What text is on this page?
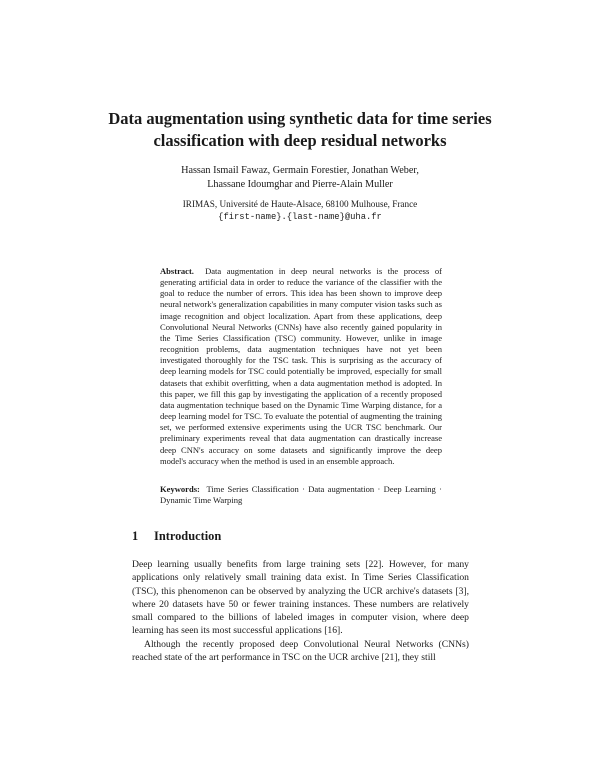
Data augmentation using synthetic data for time series classification with deep residual networks
Hassan Ismail Fawaz, Germain Forestier, Jonathan Weber,
Lhassane Idoumghar and Pierre-Alain Muller
IRIMAS, Université de Haute-Alsace, 68100 Mulhouse, France
{first-name}.{last-name}@uha.fr

Abstract. Data augmentation in deep neural networks is the process of generating artificial data in order to reduce the variance of the classifier with the goal to reduce the number of errors. This idea has been shown to improve deep neural network's generalization capabilities in many computer vision tasks such as image recognition and object localization. Apart from these applications, deep Convolutional Neural Networks (CNNs) have also recently gained popularity in the Time Series Classification (TSC) community. However, unlike in image recognition problems, data augmentation techniques have not yet been investigated thoroughly for the TSC task. This is surprising as the accuracy of deep learning models for TSC could potentially be improved, especially for small datasets that exhibit overfitting, when a data augmentation method is adopted. In this paper, we fill this gap by investigating the application of a recently proposed data augmentation technique based on the Dynamic Time Warping distance, for a deep learning model for TSC. To evaluate the potential of augmenting the training set, we performed extensive experiments using the UCR TSC benchmark. Our preliminary experiments reveal that data augmentation can drastically increase deep CNN's accuracy on some datasets and significantly improve the deep model's accuracy when the method is used in an ensemble approach.

Keywords: Time Series Classification · Data augmentation · Deep Learning · Dynamic Time Warping
1 Introduction

Deep learning usually benefits from large training sets [22]. However, for many applications only relatively small training data exist. In Time Series Classification (TSC), this phenomenon can be observed by analyzing the UCR archive's datasets [3], where 20 datasets have 50 or fewer training instances. These numbers are relatively small compared to the billions of labeled images in computer vision, where deep learning has seen its most successful applications [16].

Although the recently proposed deep Convolutional Neural Networks (CNNs) reached state of the art performance in TSC on the UCR archive [21], they still
